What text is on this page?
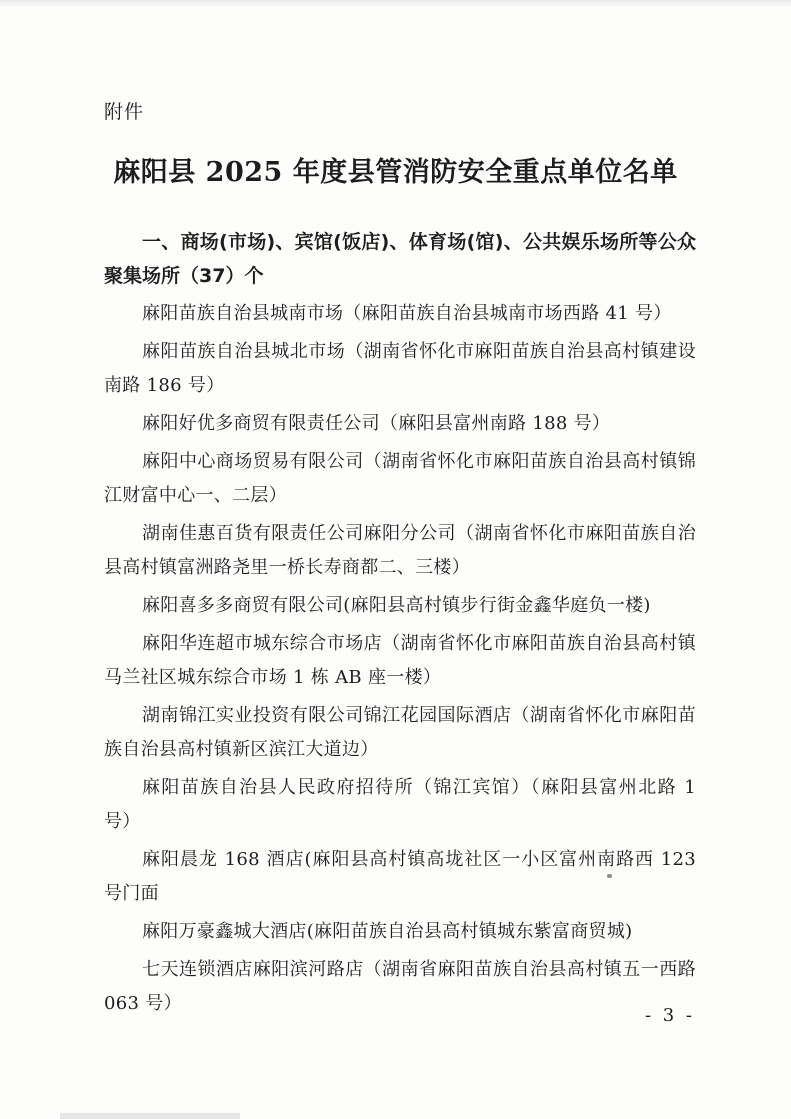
附件
麻阳县 2025 年度县管消防安全重点单位名单
一、商场(市场)、宾馆(饭店)、体育场(馆)、公共娱乐场所等公众聚集场所（37）个
麻阳苗族自治县城南市场（麻阳苗族自治县城南市场西路 41 号）
麻阳苗族自治县城北市场（湖南省怀化市麻阳苗族自治县高村镇建设南路 186 号）
麻阳好优多商贸有限责任公司（麻阳县富州南路 188 号）
麻阳中心商场贸易有限公司（湖南省怀化市麻阳苗族自治县高村镇锦江财富中心一、二层）
湖南佳惠百货有限责任公司麻阳分公司（湖南省怀化市麻阳苗族自治县高村镇富洲路尧里一桥长寿商都二、三楼）
麻阳喜多多商贸有限公司(麻阳县高村镇步行街金鑫华庭负一楼)
麻阳华连超市城东综合市场店（湖南省怀化市麻阳苗族自治县高村镇马兰社区城东综合市场 1 栋 AB 座一楼）
湖南锦江实业投资有限公司锦江花园国际酒店（湖南省怀化市麻阳苗族自治县高村镇新区滨江大道边）
麻阳苗族自治县人民政府招待所（锦江宾馆）（麻阳县富州北路 1 号）
麻阳晨龙 168 酒店(麻阳县高村镇高垅社区一小区富州南路西 123 号门面
麻阳万豪鑫城大酒店(麻阳苗族自治县高村镇城东紫富商贸城)
七天连锁酒店麻阳滨河路店（湖南省麻阳苗族自治县高村镇五一西路 063 号）
- 3 -
